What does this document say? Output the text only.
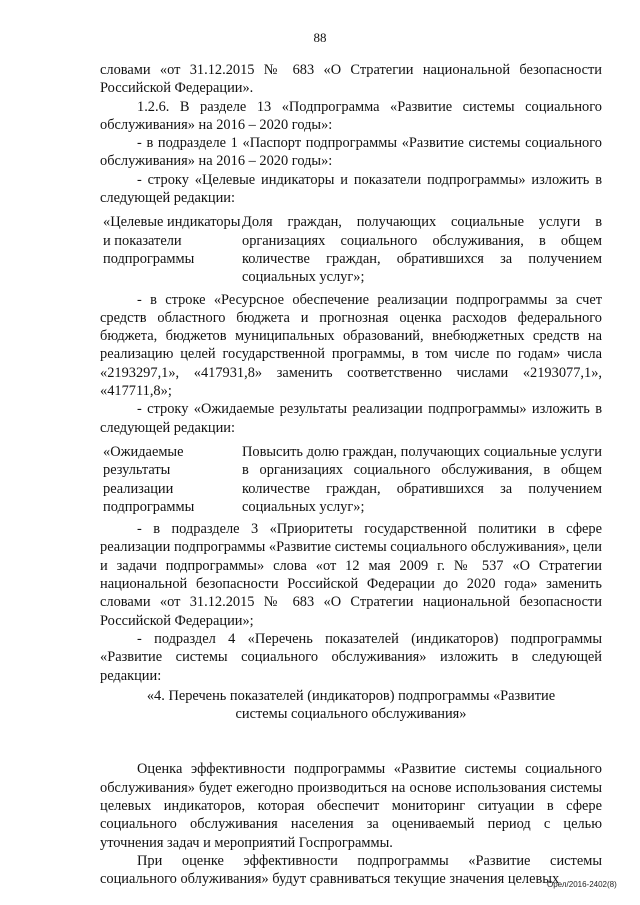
88

словами «от 31.12.2015 № 683 «О Стратегии национальной безопасности Российской Федерации».

1.2.6. В разделе 13 «Подпрограмма «Развитие системы социального обслуживания» на 2016 – 2020 годы»:

- в подразделе 1 «Паспорт подпрограммы «Развитие системы социального обслуживания» на 2016 – 2020 годы»:

- строку «Целевые индикаторы и показатели подпрограммы» изложить в следующей редакции:

«Целевые индикаторы и показатели подпрограммы
Доля граждан, получающих социальные услуги в организациях социального обслуживания, в общем количестве граждан, обратившихся за получением социальных услуг»;

- в строке «Ресурсное обеспечение реализации подпрограммы за счет средств областного бюджета и прогнозная оценка расходов федерального бюджета, бюджетов муниципальных образований, внебюджетных средств на реализацию целей государственной программы, в том числе по годам» числа «2193297,1», «417931,8» заменить соответственно числами «2193077,1», «417711,8»;

- строку «Ожидаемые результаты реализации подпрограммы» изложить в следующей редакции:

«Ожидаемые результаты реализации подпрограммы
Повысить долю граждан, получающих социальные услуги в организациях социального обслуживания, в общем количестве граждан, обратившихся за получением социальных услуг»;

- в подразделе 3 «Приоритеты государственной политики в сфере реализации подпрограммы «Развитие системы социального обслуживания», цели и задачи подпрограммы» слова «от 12 мая 2009 г. № 537 «О Стратегии национальной безопасности Российской Федерации до 2020 года» заменить словами «от 31.12.2015 № 683 «О Стратегии национальной безопасности Российской Федерации»;

- подраздел 4 «Перечень показателей (индикаторов) подпрограммы «Развитие системы социального обслуживания» изложить в следующей редакции:

«4. Перечень показателей (индикаторов) подпрограммы «Развитие системы социального обслуживания»

Оценка эффективности подпрограммы «Развитие системы социального обслуживания» будет ежегодно производиться на основе использования системы целевых индикаторов, которая обеспечит мониторинг ситуации в сфере социального обслуживания населения за оцениваемый период с целью уточнения задач и мероприятий Госпрограммы.

При оценке эффективности подпрограммы «Развитие системы социального облуживания» будут сравниваться текущие значения целевых

Орел/2016-2402(8)
